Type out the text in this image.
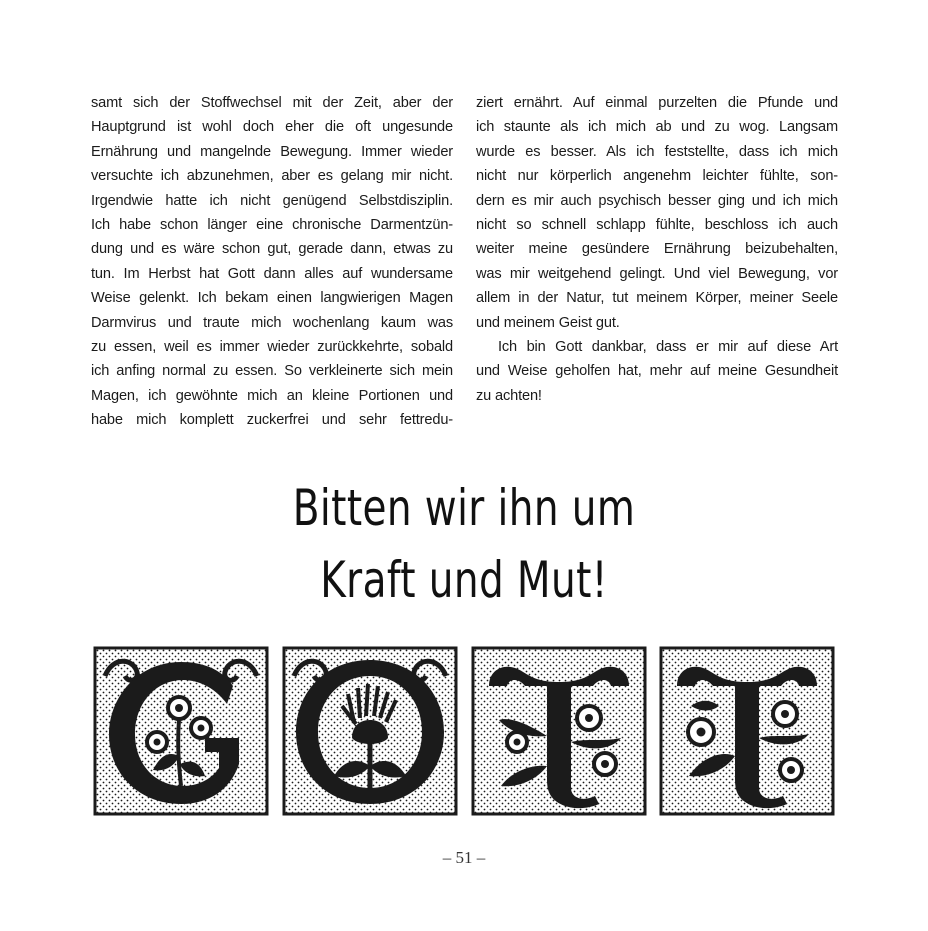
samt sich der Stoffwechsel mit der Zeit, aber der
Hauptgrund ist wohl doch eher die oft ungesunde
Ernährung und mangelnde Bewegung. Immer wieder
versuchte ich abzunehmen, aber es gelang mir nicht.
Irgendwie hatte ich nicht genügend Selbstdisziplin.
Ich habe schon länger eine chronische Darmentzün-
dung und es wäre schon gut, gerade dann, etwas zu
tun. Im Herbst hat Gott dann alles auf wundersame
Weise gelenkt. Ich bekam einen langwierigen Magen
Darmvirus und traute mich wochenlang kaum was
zu essen, weil es immer wieder zurückkehrte, sobald
ich anfing normal zu essen. So verkleinerte sich mein
Magen, ich gewöhnte mich an kleine Portionen und
habe mich komplett zuckerfrei und sehr fettredu-
ziert ernährt. Auf einmal purzelten die Pfunde und
ich staunte als ich mich ab und zu wog. Langsam
wurde es besser. Als ich feststellte, dass ich mich
nicht nur körperlich angenehm leichter fühlte, son-
dern es mir auch psychisch besser ging und ich mich
nicht so schnell schlapp fühlte, beschloss ich auch
weiter meine gesündere Ernährung beizubehalten,
was mir weitgehend gelingt. Und viel Bewegung, vor
allem in der Natur, tut meinem Körper, meiner Seele
und meinem Geist gut.
Ich bin Gott dankbar, dass er mir auf diese Art
und Weise geholfen hat, mehr auf meine Gesundheit
zu achten!
Bitten wir ihn um
Kraft und Mut!
– 51 –
